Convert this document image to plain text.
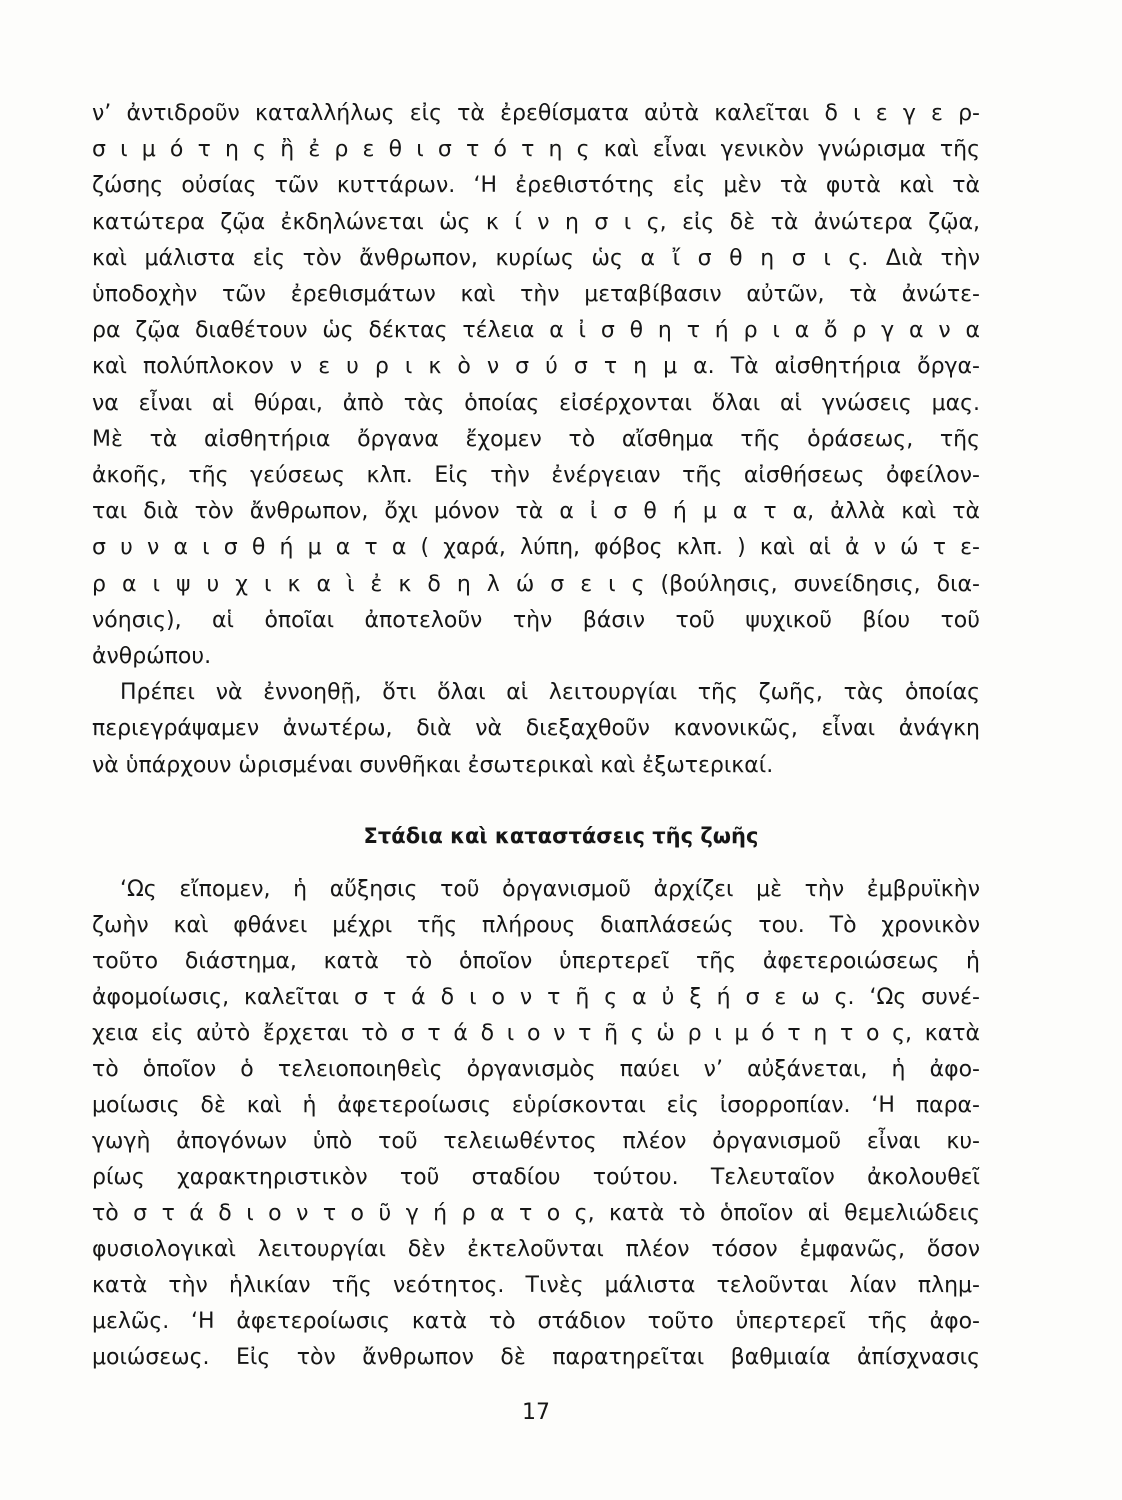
ν’ ἀντιδροῦν καταλλήλως εἰς τὰ ἐρεθίσματα αὐτὰ καλεῖται δ ι ε γ ε ρ-
σ ι μ ό τ η ς ἢ ἐ ρ ε θ ι σ τ ό τ η ς καὶ εἶναι γενικὸν γνώρισμα τῆς
ζώσης οὐσίας τῶν κυττάρων. ‘Η ἐρεθιστότης εἰς μὲν τὰ φυτὰ καὶ τὰ
κατώτερα ζῷα ἐκδηλώνεται ὡς κ ί ν η σ ι ς, εἰς δὲ τὰ ἀνώτερα ζῷα,
καὶ μάλιστα εἰς τὸν ἄνθρωπον, κυρίως ὡς α ἴ σ θ η σ ι ς. Διὰ τὴν
ὑποδοχὴν τῶν ἐρεθισμάτων καὶ τὴν μεταβίβασιν αὐτῶν, τὰ ἀνώτε-
ρα ζῷα διαθέτουν ὡς δέκτας τέλεια α ἰ σ θ η τ ή ρ ι α ὄ ρ γ α ν α
καὶ πολύπλοκον ν ε υ ρ ι κ ὸ ν σ ύ σ τ η μ α. Τὰ αἰσθητήρια ὄργα-
να εἶναι αἱ θύραι, ἀπὸ τὰς ὁποίας εἰσέρχονται ὅλαι αἱ γνώσεις μας.
Μὲ τὰ αἰσθητήρια ὄργανα ἔχομεν τὸ αἴσθημα τῆς ὁράσεως, τῆς
ἀκοῆς, τῆς γεύσεως κλπ. Εἰς τὴν ἐνέργειαν τῆς αἰσθήσεως ὀφείλον-
ται διὰ τὸν ἄνθρωπον, ὄχι μόνον τὰ α ἰ σ θ ή μ α τ α, ἀλλὰ καὶ τὰ
σ υ ν α ι σ θ ή μ α τ α ( χαρά, λύπη, φόβος κλπ. ) καὶ αἱ ἀ ν ώ τ ε-
ρ α ι ψ υ χ ι κ α ὶ ἐ κ δ η λ ώ σ ε ι ς (βούλησις, συνείδησις, δια-
νόησις), αἱ ὁποῖαι ἀποτελοῦν τὴν βάσιν τοῦ ψυχικοῦ βίου τοῦ
ἀνθρώπου.
Πρέπει νὰ ἐννοηθῇ, ὅτι ὅλαι αἱ λειτουργίαι τῆς ζωῆς, τὰς ὁποίας
περιεγράψαμεν ἀνωτέρω, διὰ νὰ διεξαχθοῦν κανονικῶς, εἶναι ἀνάγκη
νὰ ὑπάρχουν ὡρισμέναι συνθῆκαι ἐσωτερικαὶ καὶ ἐξωτερικαί.
Στάδια καὶ καταστάσεις τῆς ζωῆς
‘Ως εἴπομεν, ἡ αὔξησις τοῦ ὀργανισμοῦ ἀρχίζει μὲ τὴν ἐμβρυϊκὴν
ζωὴν καὶ φθάνει μέχρι τῆς πλήρους διαπλάσεώς του. Τὸ χρονικὸν
τοῦτο διάστημα, κατὰ τὸ ὁποῖον ὑπερτερεῖ τῆς ἀφετεροιώσεως ἡ
ἀφομοίωσις, καλεῖται σ τ ά δ ι ο ν τ ῆ ς α ὐ ξ ή σ ε ω ς. ‘Ως συνέ-
χεια εἰς αὐτὸ ἔρχεται τὸ σ τ ά δ ι ο ν τ ῆ ς ὡ ρ ι μ ό τ η τ ο ς, κατὰ
τὸ ὁποῖον ὁ τελειοποιηθεὶς ὀργανισμὸς παύει ν’ αὐξάνεται, ἡ ἀφο-
μοίωσις δὲ καὶ ἡ ἀφετεροίωσις εὑρίσκονται εἰς ἰσορροπίαν. ‘Η παρα-
γωγὴ ἀπογόνων ὑπὸ τοῦ τελειωθέντος πλέον ὀργανισμοῦ εἶναι κυ-
ρίως χαρακτηριστικὸν τοῦ σταδίου τούτου. Τελευταῖον ἀκολουθεῖ
τὸ σ τ ά δ ι ο ν τ ο ῦ γ ή ρ α τ ο ς, κατὰ τὸ ὁποῖον αἱ θεμελιώδεις
φυσιολογικαὶ λειτουργίαι δὲν ἐκτελοῦνται πλέον τόσον ἐμφανῶς, ὅσον
κατὰ τὴν ἡλικίαν τῆς νεότητος. Τινὲς μάλιστα τελοῦνται λίαν πλημ-
μελῶς. ‘Η ἀφετεροίωσις κατὰ τὸ στάδιον τοῦτο ὑπερτερεῖ τῆς ἀφο-
μοιώσεως. Εἰς τὸν ἄνθρωπον δὲ παρατηρεῖται βαθμιαία ἀπίσχνασις
17
